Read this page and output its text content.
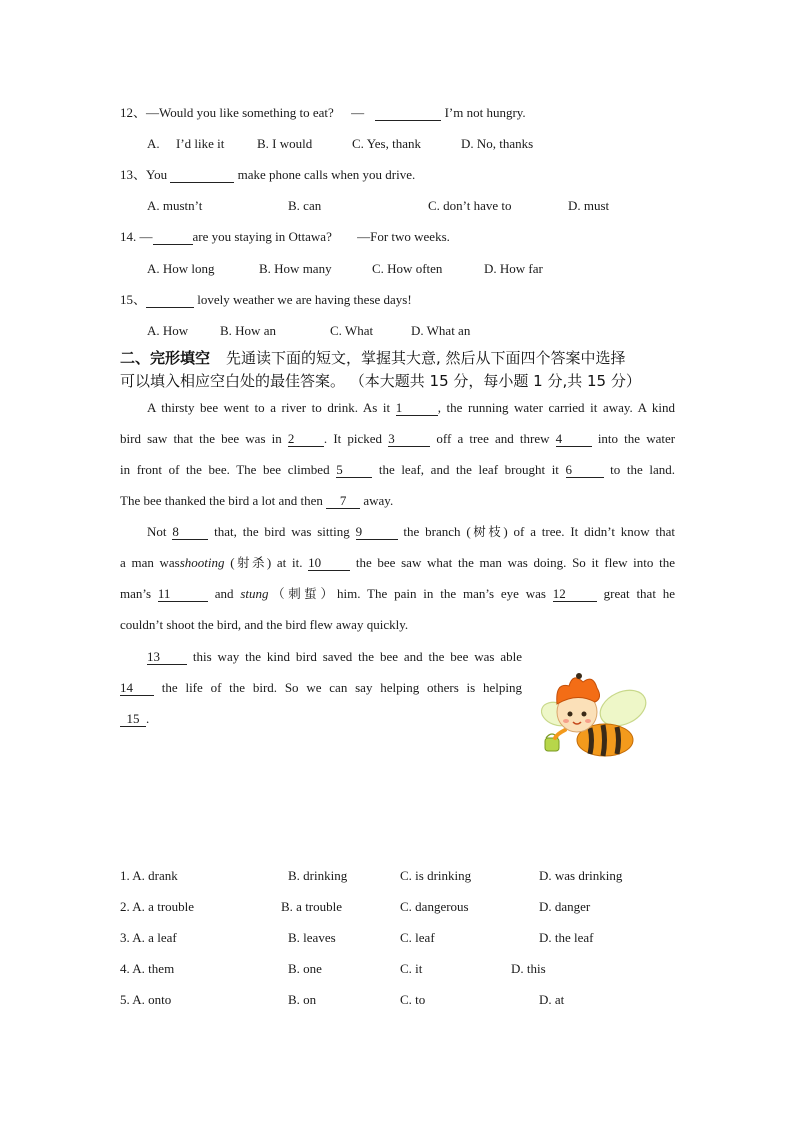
12、—Would you like something to eat? —	I’m not hungry.
A. I’d like it	B. I would	C. Yes, thank	D. No, thanks
13、You	make phone calls when you drive.
A. mustn’t	B. can	C. don’t have to	D. must
14. —	are you staying in Ottawa? —For two weeks.
A. How long	B. How many	C. How often	D. How far
15、	lovely weather we are having these days!
A. How B. How an	C. What	D. What an
二、完形填空 先通读下面的短文，掌握其大意, 然后从下面四个答案中选择
可以填入相应空白处的最佳答案。 （本大题共 15 分，每小题 1 分,共 15 分）
A thirsty bee went to a river to drink. As it 1	, the running water carried it away. A kind
bird saw that the bee was in 2 . It picked 3	off a tree and threw 4	into the water
in front of the bee. The bee climbed 5	the leaf, and the leaf brought it 6	to the land.
The bee thanked the bird a lot and then 7 away.
Not 8	that, the bird was sitting 9	the branch (树枝) of a tree. It didn’t know that
a man wasshooting (射杀) at it. 10	the bee saw what the man was doing. So it flew into the
man’s 11	and stung（刺蜇）him. The pain in the man’s eye was 12	great that he
couldn’t shoot the bird, and the bird flew away quickly.
13	this way the kind bird saved the bee and the bee was able
14 the life of the bird. So we can say helping others is helping
15 .
1. A. drank	B. drinking	C. is drinking	D. was drinking
2. A. a trouble	B. a trouble	C. dangerous	D. danger
3. A. a leaf	B. leaves	C. leaf	D. the leaf
4. A. them	B. one	C. it	D. this
5. A. onto	B. on	C. to	D. at
